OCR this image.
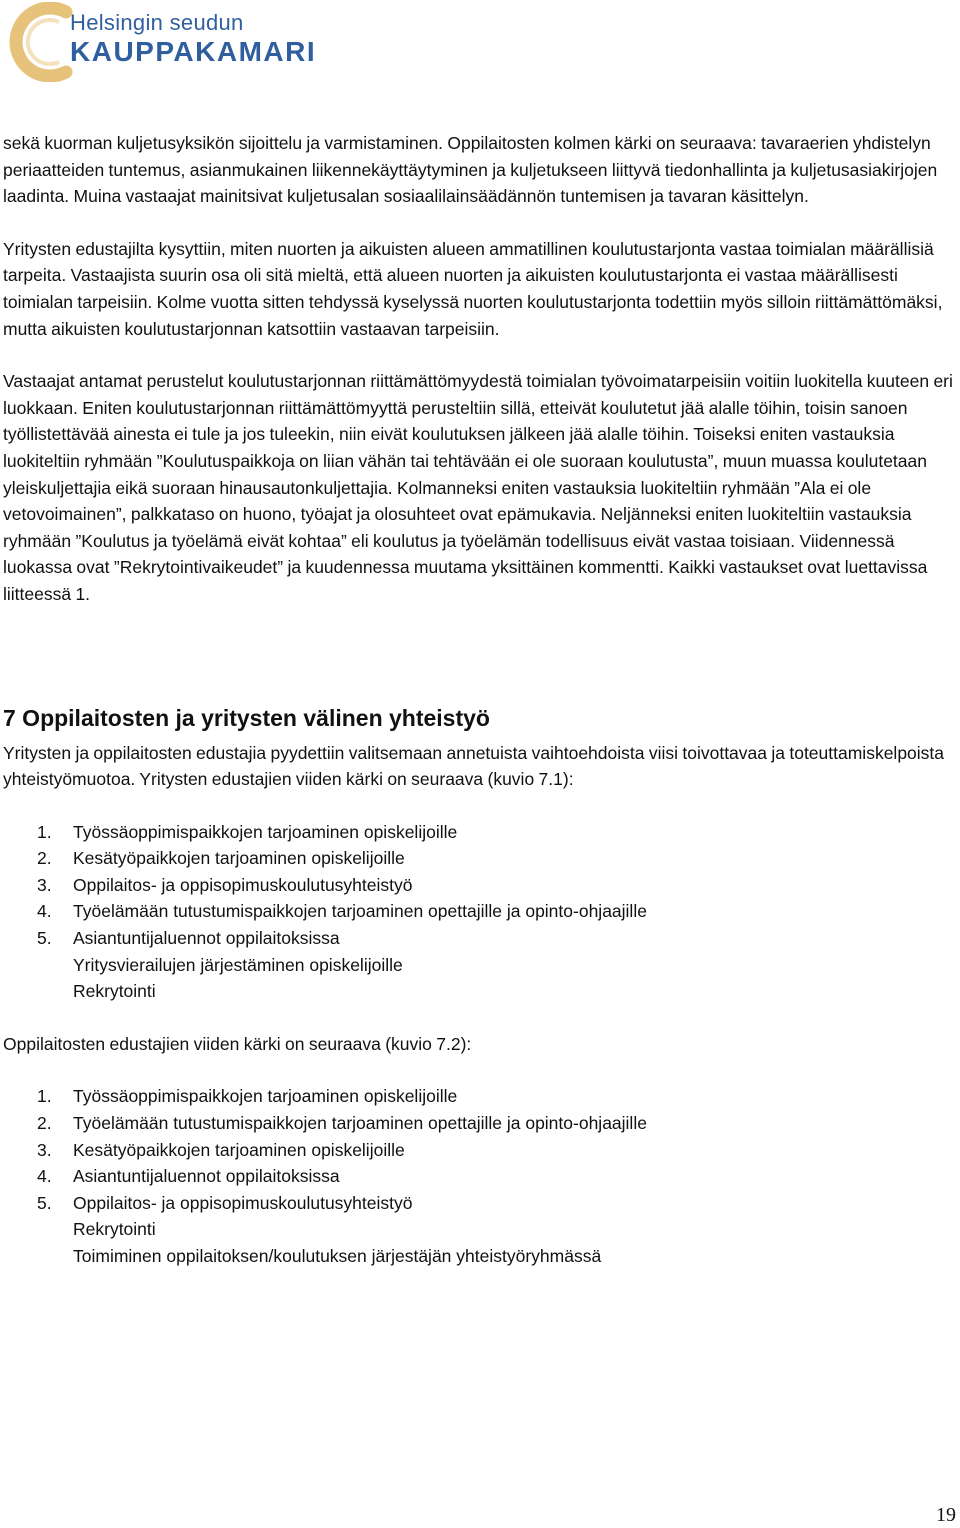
Helsingin seudun
KAUPPAKAMARI

sekä kuorman kuljetusyksikön sijoittelu ja varmistaminen. Oppilaitosten kolmen kärki on seuraava: tavaraerien yhdistelyn periaatteiden tuntemus, asianmukainen liikennekäyttäytyminen ja kuljetukseen liittyvä tiedonhallinta ja kuljetusasiakirjojen laadinta. Muina vastaajat mainitsivat kuljetusalan sosiaalilainsäädännön tuntemisen ja tavaran käsittelyn.

Yritysten edustajilta kysyttiin, miten nuorten ja aikuisten alueen ammatillinen koulutustarjonta vastaa toimialan määrällisiä tarpeita. Vastaajista suurin osa oli sitä mieltä, että alueen nuorten ja aikuisten koulutustarjonta ei vastaa määrällisesti toimialan tarpeisiin. Kolme vuotta sitten tehdyssä kyselyssä nuorten koulutustarjonta todettiin myös silloin riittämättömäksi, mutta aikuisten koulutustarjonnan katsottiin vastaavan tarpeisiin.

Vastaajat antamat perustelut koulutustarjonnan riittämättömyydestä toimialan työvoimatarpeisiin voitiin luokitella kuuteen eri luokkaan. Eniten koulutustarjonnan riittämättömyyttä perusteltiin sillä, etteivät koulutetut jää alalle töihin, toisin sanoen työllistettävää ainesta ei tule ja jos tuleekin, niin eivät koulutuksen jälkeen jää alalle töihin. Toiseksi eniten vastauksia luokiteltiin ryhmään ”Koulutuspaikkoja on liian vähän tai tehtävään ei ole suoraan koulutusta”, muun muassa koulutetaan yleiskuljettajia eikä suoraan hinausautonkuljettajia. Kolmanneksi eniten vastauksia luokiteltiin ryhmään ”Ala ei ole vetovoimainen”, palkkataso on huono, työajat ja olosuhteet ovat epämukavia. Neljänneksi eniten luokiteltiin vastauksia ryhmään ”Koulutus ja työelämä eivät kohtaa” eli koulutus ja työelämän todellisuus eivät vastaa toisiaan. Viidennessä luokassa ovat ”Rekrytointivaikeudet” ja kuudennessa muutama yksittäinen kommentti. Kaikki vastaukset ovat luettavissa liitteessä 1.

7 Oppilaitosten ja yritysten välinen yhteistyö

Yritysten ja oppilaitosten edustajia pyydettiin valitsemaan annetuista vaihtoehdoista viisi toivottavaa ja toteuttamiskelpoista yhteistyömuotoa. Yritysten edustajien viiden kärki on seuraava (kuvio 7.1):

1. Työssäoppimispaikkojen tarjoaminen opiskelijoille
2. Kesätyöpaikkojen tarjoaminen opiskelijoille
3. Oppilaitos- ja oppisopimuskoulutusyhteistyö
4. Työelämään tutustumispaikkojen tarjoaminen opettajille ja opinto-ohjaajille
5. Asiantuntijaluennot oppilaitoksissa
Yritysvierailujen järjestäminen opiskelijoille
Rekrytointi

Oppilaitosten edustajien viiden kärki on seuraava (kuvio 7.2):

1. Työssäoppimispaikkojen tarjoaminen opiskelijoille
2. Työelämään tutustumispaikkojen tarjoaminen opettajille ja opinto-ohjaajille
3. Kesätyöpaikkojen tarjoaminen opiskelijoille
4. Asiantuntijaluennot oppilaitoksissa
5. Oppilaitos- ja oppisopimuskoulutusyhteistyö
Rekrytointi
Toimiminen oppilaitoksen/koulutuksen järjestäjän yhteistyöryhmässä
19
